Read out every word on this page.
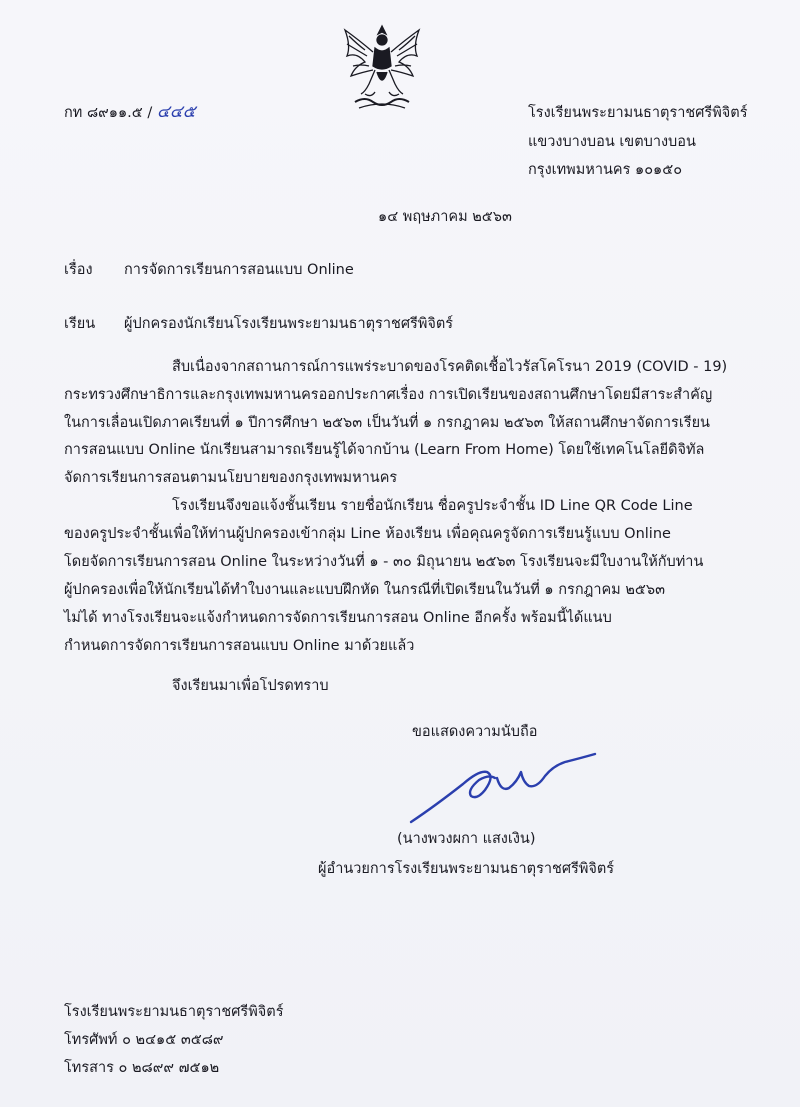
กท ๘๙๑๑.๕ / ๔๔๕	โรงเรียนพระยามนธาตุราชศรีพิจิตร์
แขวงบางบอน เขตบางบอน
กรุงเทพมหานคร ๑๐๑๕๐
๑๔ พฤษภาคม ๒๕๖๓
เรื่อง การจัดการเรียนการสอนแบบ Online
เรียน ผู้ปกครองนักเรียนโรงเรียนพระยามนธาตุราชศรีพิจิตร์
สืบเนื่องจากสถานการณ์การแพร่ระบาดของโรคติดเชื้อไวรัสโคโรนา 2019 (COVID - 19)
กระทรวงศึกษาธิการและกรุงเทพมหานครออกประกาศเรื่อง การเปิดเรียนของสถานศึกษาโดยมีสาระสำคัญ
ในการเลื่อนเปิดภาคเรียนที่ ๑ ปีการศึกษา ๒๕๖๓ เป็นวันที่ ๑ กรกฎาคม ๒๕๖๓ ให้สถานศึกษาจัดการเรียน
การสอนแบบ Online นักเรียนสามารถเรียนรู้ได้จากบ้าน (Learn From Home) โดยใช้เทคโนโลยีดิจิทัล
จัดการเรียนการสอนตามนโยบายของกรุงเทพมหานคร
โรงเรียนจึงขอแจ้งชั้นเรียน รายชื่อนักเรียน ชื่อครูประจำชั้น ID Line QR Code Line
ของครูประจำชั้นเพื่อให้ท่านผู้ปกครองเข้ากลุ่ม Line ห้องเรียน เพื่อคุณครูจัดการเรียนรู้แบบ Online
โดยจัดการเรียนการสอน Online ในระหว่างวันที่ ๑ - ๓๐ มิถุนายน ๒๕๖๓ โรงเรียนจะมีใบงานให้กับท่าน
ผู้ปกครองเพื่อให้นักเรียนได้ทำใบงานและแบบฝึกหัด ในกรณีที่เปิดเรียนในวันที่ ๑ กรกฎาคม ๒๕๖๓
ไม่ได้ ทางโรงเรียนจะแจ้งกำหนดการจัดการเรียนการสอน Online อีกครั้ง พร้อมนี้ได้แนบ
กำหนดการจัดการเรียนการสอนแบบ Online มาด้วยแล้ว
จึงเรียนมาเพื่อโปรดทราบ
ขอแสดงความนับถือ
(นางพวงผกา แสงเงิน)
ผู้อำนวยการโรงเรียนพระยามนธาตุราชศรีพิจิตร์
โรงเรียนพระยามนธาตุราชศรีพิจิตร์
โทรศัพท์ ๐ ๒๔๑๕ ๓๕๘๙
โทรสาร ๐ ๒๘๙๙ ๗๕๑๒
